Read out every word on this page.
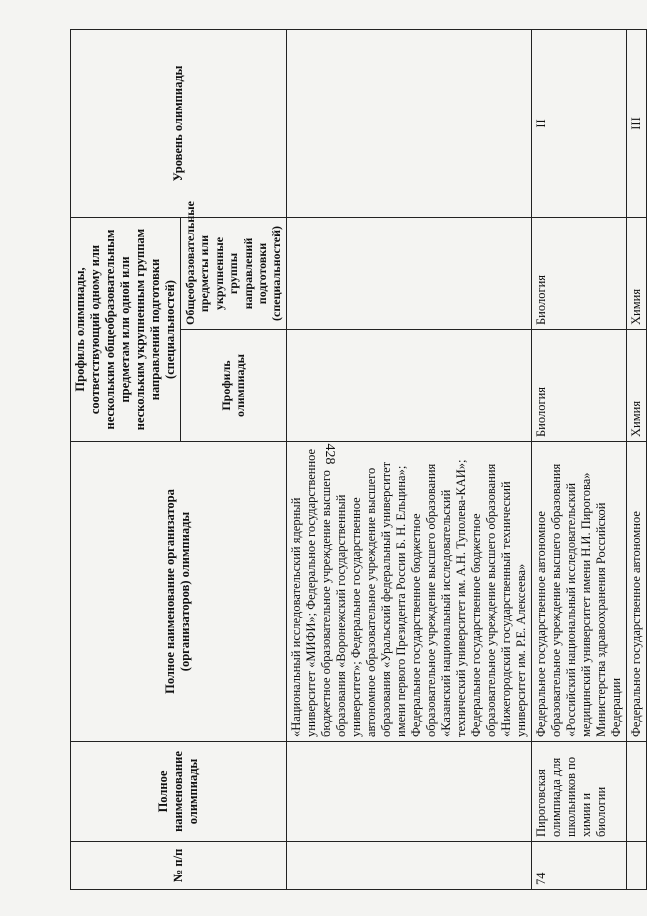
428
№ п/п	Полное наименование олимпиады	Полное наименование организатора (организаторов) олимпиады	Профиль олимпиады, соответствующий одному или нескольким общеобразовательным предметам или одной или нескольким укрупненным группам направлений подготовки (специальностей)		Уровень олимпиады
			Профиль олимпиады	Общеобразовательные предметы или укрупненные группы направлений подготовки (специальностей)	
		«Национальный исследовательский ядерный университет «МИФИ»; Федеральное государственное бюджетное образовательное учреждение высшего образования «Воронежский государственный университет»; Федеральное государственное автономное образовательное учреждение высшего образования «Уральский федеральный университет имени первого Президента России Б. Н. Ельцина»; Федеральное государственное бюджетное образовательное учреждение высшего образования «Казанский национальный исследовательский технический университет им. А.Н. Туполева-КАИ»; Федеральное государственное бюджетное образовательное учреждение высшего образования «Нижегородский государственный технический университет им. Р.Е. Алексеева»			
74	Пироговская олимпиада для школьников по химии и биологии	Федеральное государственное автономное образовательное учреждение высшего образования «Российский национальный исследовательский медицинский университет имени Н.И. Пирогова» Министерства здравоохранения Российской Федерации	Биология	Биология	II
		Федеральное государственное автономное	Химия	Химия	III
